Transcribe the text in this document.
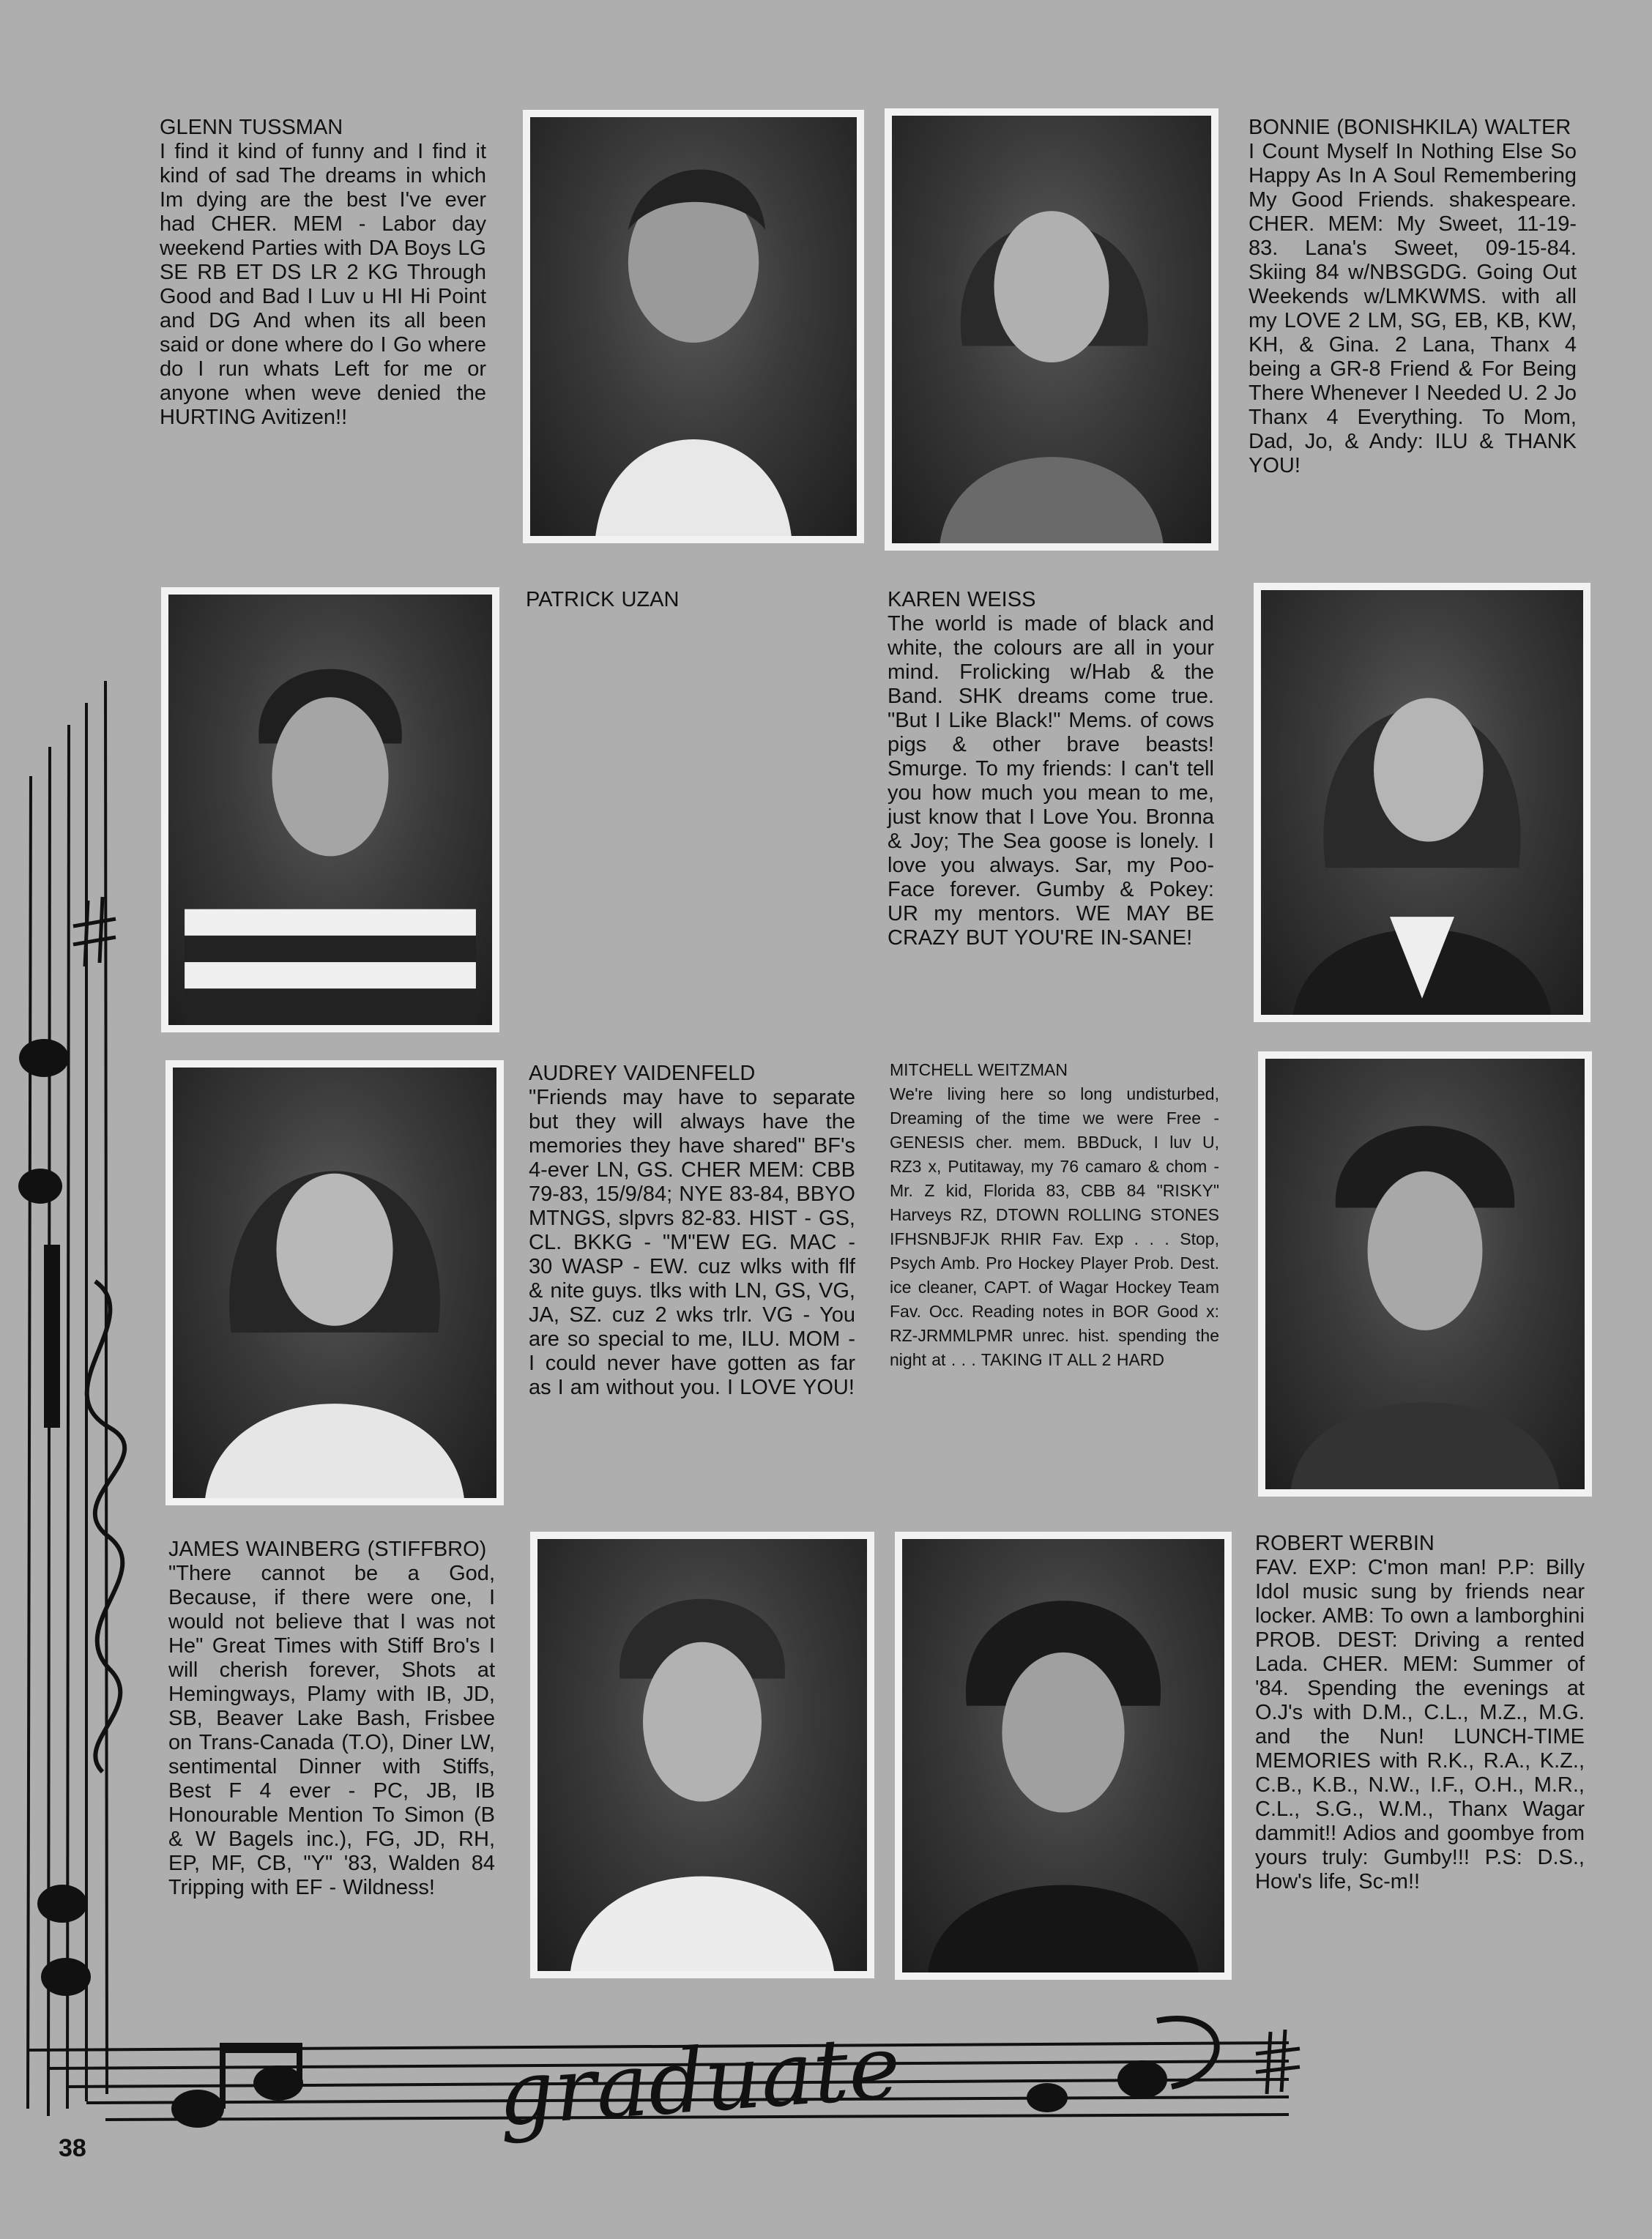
graduate
GLENN TUSSMAN
I find it kind of funny and I find it kind of sad The dreams in which Im dying are the best I've ever had CHER. MEM - Labor day weekend Parties with DA Boys LG SE RB ET DS LR 2 KG Through Good and Bad I Luv u HI Hi Point and DG And when its all been said or done where do I Go where do I run whats Left for me or anyone when weve denied the HURTING Avitizen!!
BONNIE (BONISHKILA) WALTER
I Count Myself In Nothing Else So Happy As In A Soul Remembering My Good Friends. shakespeare. CHER. MEM: My Sweet, 11-19-83. Lana's Sweet, 09-15-84. Skiing 84 w/NBSGDG. Going Out Weekends w/LMKWMS. with all my LOVE 2 LM, SG, EB, KB, KW, KH, & Gina. 2 Lana, Thanx 4 being a GR-8 Friend & For Being There Whenever I Needed U. 2 Jo Thanx 4 Everything. To Mom, Dad, Jo, & Andy: ILU & THANK YOU!
PATRICK UZAN	KAREN WEISS
The world is made of black and white, the colours are all in your mind. Frolicking w/Hab & the Band. SHK dreams come true. "But I Like Black!" Mems. of cows pigs & other brave beasts! Smurge. To my friends: I can't tell you how much you mean to me, just know that I Love You. Bronna & Joy; The Sea goose is lonely. I love you always. Sar, my Poo-Face forever. Gumby & Pokey: UR my mentors. WE MAY BE CRAZY BUT YOU'RE IN-SANE!
AUDREY VAIDENFELD
"Friends may have to separate but they will always have the memories they have shared" BF's 4-ever LN, GS. CHER MEM: CBB 79-83, 15/9/84; NYE 83-84, BBYO MTNGS, slpvrs 82-83. HIST - GS, CL. BKKG - "M"EW EG. MAC - 30 WASP - EW. cuz wlks with flf & nite guys. tlks with LN, GS, VG, JA, SZ. cuz 2 wks trlr. VG - You are so special to me, ILU. MOM - I could never have gotten as far as I am without you. I LOVE YOU!
MITCHELL WEITZMAN
We're living here so long undisturbed, Dreaming of the time we were Free - GENESIS cher. mem. BBDuck, I luv U, RZ3 x, Putitaway, my 76 camaro & chom - Mr. Z kid, Florida 83, CBB 84 "RISKY" Harveys RZ, DTOWN ROLLING STONES IFHSNBJFJK RHIR Fav. Exp . . . Stop, Psych Amb. Pro Hockey Player Prob. Dest. ice cleaner, CAPT. of Wagar Hockey Team Fav. Occ. Reading notes in BOR Good x: RZ-JRMMLPMR unrec. hist. spending the night at . . . TAKING IT ALL 2 HARD
JAMES WAINBERG (STIFFBRO)
"There cannot be a God, Because, if there were one, I would not believe that I was not He" Great Times with Stiff Bro's I will cherish forever, Shots at Hemingways, Plamy with IB, JD, SB, Beaver Lake Bash, Frisbee on Trans-Canada (T.O), Diner LW, sentimental Dinner with Stiffs, Best F 4 ever - PC, JB, IB Honourable Mention To Simon (B & W Bagels inc.), FG, JD, RH, EP, MF, CB, "Y" '83, Walden 84 Tripping with EF - Wildness!
ROBERT WERBIN
FAV. EXP: C'mon man! P.P: Billy Idol music sung by friends near locker. AMB: To own a lamborghini PROB. DEST: Driving a rented Lada. CHER. MEM: Summer of '84. Spending the evenings at O.J's with D.M., C.L., M.Z., M.G. and the Nun! LUNCH-TIME MEMORIES with R.K., R.A., K.Z., C.B., K.B., N.W., I.F., O.H., M.R., C.L., S.G., W.M., Thanx Wagar dammit!! Adios and goombye from yours truly: Gumby!!! P.S: D.S., How's life, Sc-m!!
38
